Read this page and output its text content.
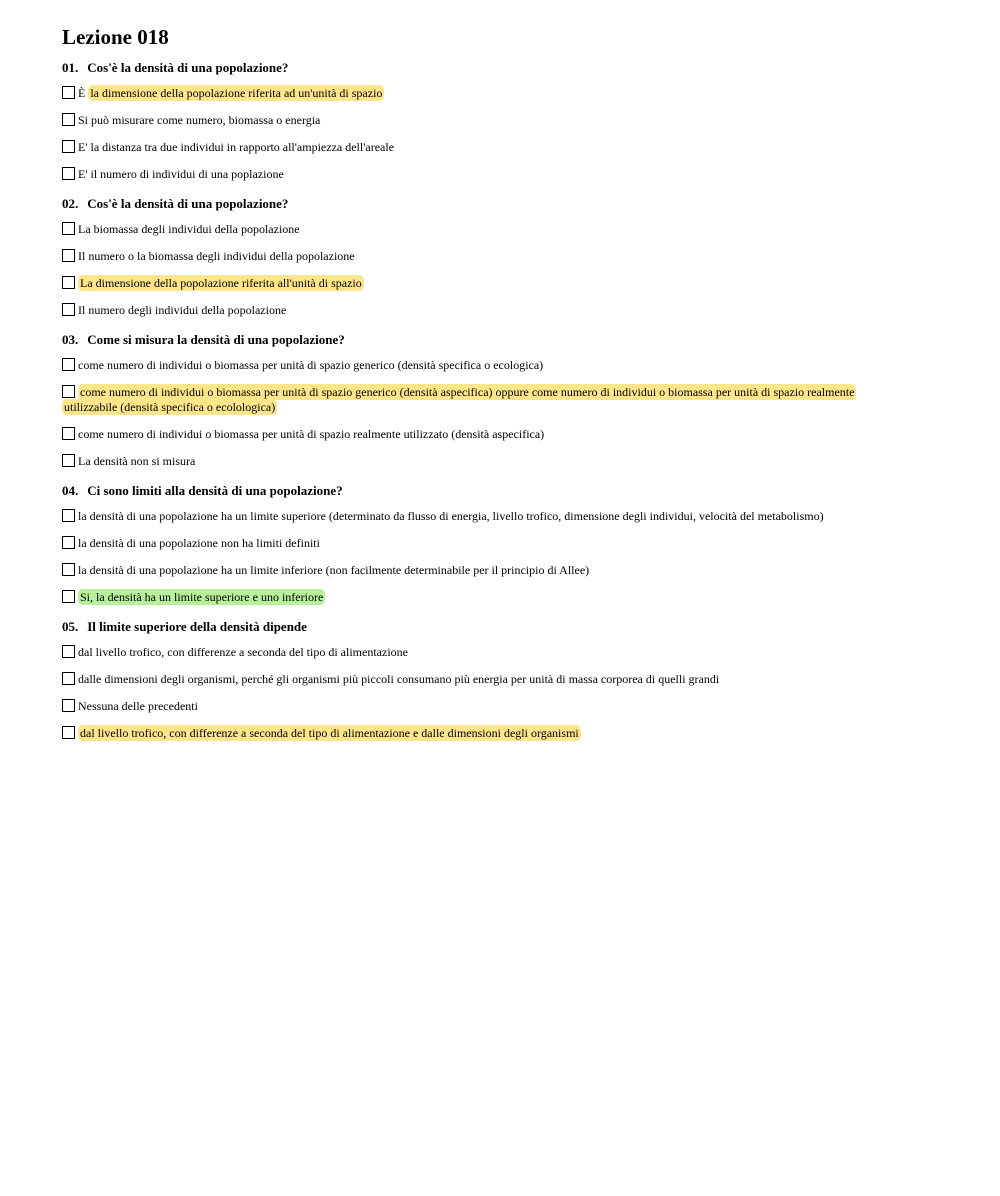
Lezione 018
01. Cos'è la densità di una popolazione?
È la dimensione della popolazione riferita ad un'unità di spazio
Si può misurare come numero, biomassa o energia
E' la distanza tra due individui in rapporto all'ampiezza dell'areale
E' il numero di individui di una poplazione
02. Cos'è la densità di una popolazione?
La biomassa degli individui della popolazione
Il numero o la biomassa degli individui della popolazione
La dimensione della popolazione riferita all'unità di spazio
Il numero degli individui della popolazione
03. Come si misura la densità di una popolazione?
come numero di individui o biomassa per unità di spazio generico (densità specifica o ecologica)
come numero di individui o biomassa per unità di spazio generico (densità aspecifica) oppure come numero di individui o biomassa per unità di spazio realmente utilizzabile (densità specifica o ecolologica)
come numero di individui o biomassa per unità di spazio realmente utilizzato (densità aspecifica)
La densità non si misura
04. Ci sono limiti alla densità di una popolazione?
la densità di una popolazione ha un limite superiore (determinato da flusso di energia, livello trofico, dimensione degli individui, velocità del metabolismo)
la densità di una popolazione non ha limiti definiti
la densità di una popolazione ha un limite inferiore (non facilmente determinabile per il principio di Allee)
Si, la densità ha un limite superiore e uno inferiore
05. Il limite superiore della densità dipende
dal livello trofico, con differenze a seconda del tipo di alimentazione
dalle dimensioni degli organismi, perché gli organismi più piccoli consumano più energia per unità di massa corporea di quelli grandi
Nessuna delle precedenti
dal livello trofico, con differenze a seconda del tipo di alimentazione e dalle dimensioni degli organismi
